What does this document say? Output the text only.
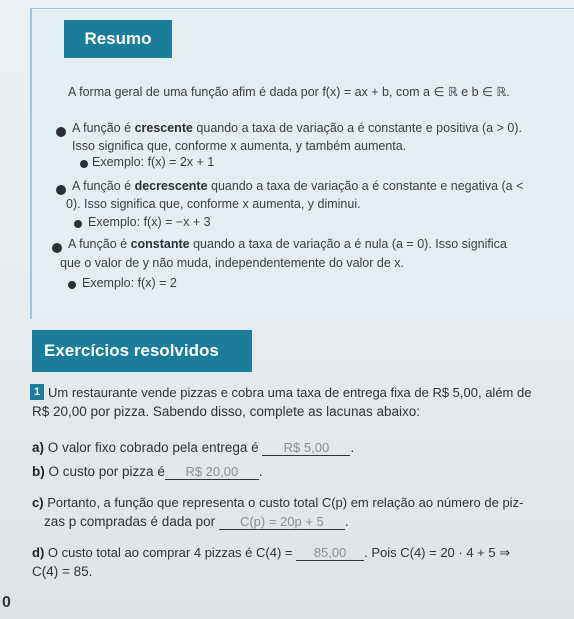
Resumo
A forma geral de uma função afim é dada por f(x) = ax + b, com a ∈ ℝ e b ∈ ℝ.
A função é crescente quando a taxa de variação a é constante e positiva (a > 0).
Isso significa que, conforme x aumenta, y também aumenta.
Exemplo: f(x) = 2x + 1
A função é decrescente quando a taxa de variação a é constante e negativa (a <
0). Isso significa que, conforme x aumenta, y diminui.
Exemplo: f(x) = −x + 3
A função é constante quando a taxa de variação a é nula (a = 0). Isso significa
que o valor de y não muda, independentemente do valor de x.
Exemplo: f(x) = 2
Exercícios resolvidos
1 Um restaurante vende pizzas e cobra uma taxa de entrega fixa de R$ 5,00, além de
R$ 20,00 por pizza. Sabendo disso, complete as lacunas abaixo:
a) O valor fixo cobrado pela entrega é R$ 5,00 .
b) O custo por pizza é R$ 20,00 .
c) Portanto, a função que representa o custo total C(p) em relação ao número de piz-
zas p compradas é dada por C(p) = 20p + 5 .
d) O custo total ao comprar 4 pizzas é C(4) = 85,00 . Pois C(4) = 20 · 4 + 5 ⇒
C(4) = 85.
0
